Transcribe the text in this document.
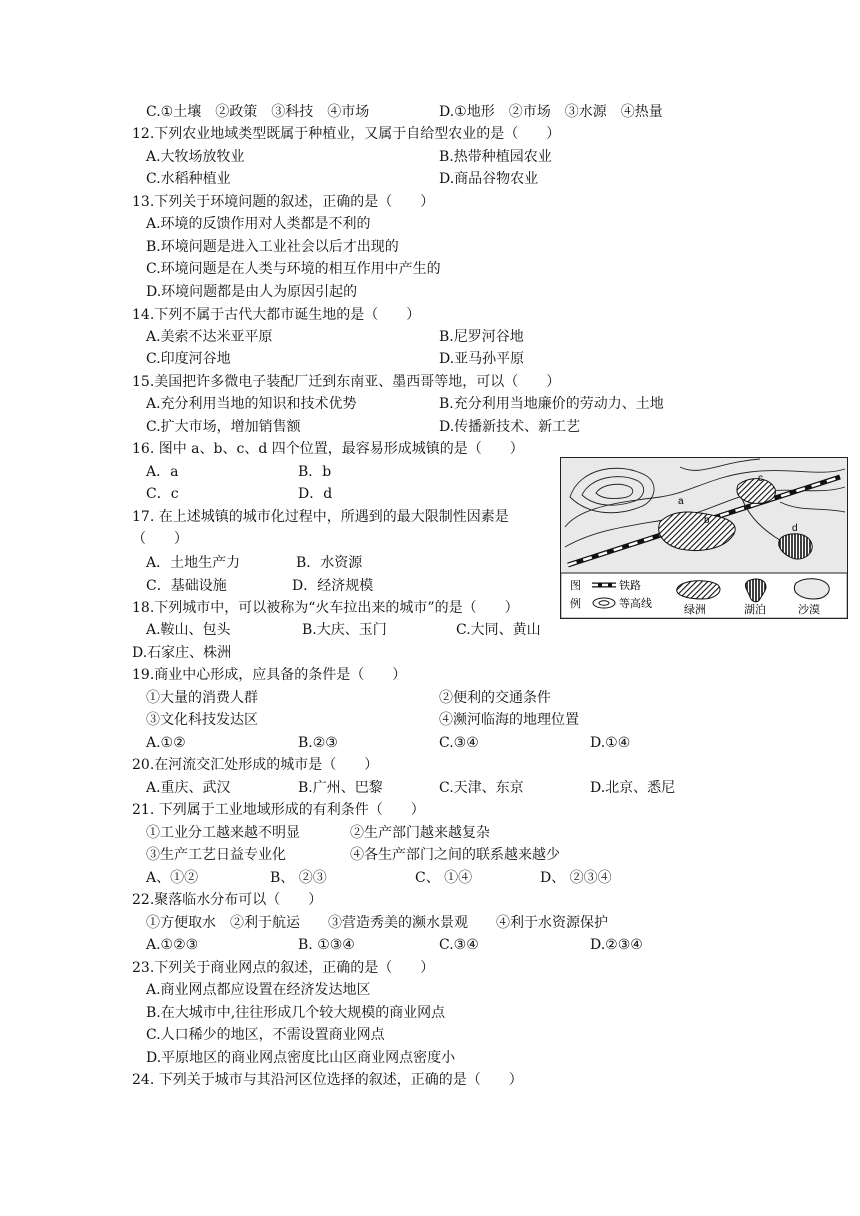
C.①土壤　②政策　③科技　④市场	D.①地形　②市场　③水源　④热量
12.下列农业地域类型既属于种植业，又属于自给型农业的是（　　）
A.大牧场放牧业	B.热带种植园农业
C.水稻种植业	D.商品谷物农业
13.下列关于环境问题的叙述，正确的是（　　）
A.环境的反馈作用对人类都是不利的
B.环境问题是进入工业社会以后才出现的
C.环境问题是在人类与环境的相互作用中产生的
D.环境问题都是由人为原因引起的
14.下列不属于古代大都市诞生地的是（　　）
A.美索不达米亚平原	B.尼罗河谷地
C.印度河谷地	D.亚马孙平原
15.美国把许多微电子装配厂迁到东南亚、墨西哥等地，可以（　　）
A.充分利用当地的知识和技术优势	B.充分利用当地廉价的劳动力、土地
C.扩大市场，增加销售额	D.传播新技术、新工艺
16. 图中 a、b、c、d 四个位置，最容易形成城镇的是（　　）
A．a	B．b
C．c	D．d
17. 在上述城镇的城市化过程中，所遇到的最大限制性因素是
（　　）
A．土地生产力	B．水资源
C．基础设施	D．经济规模
18.下列城市中，可以被称为“火车拉出来的城市”的是（　　）
A.鞍山、包头	B.大庆、玉门	C.大同、黄山
D.石家庄、株洲
19.商业中心形成，应具备的条件是（　　）
①大量的消费人群	②便利的交通条件
③文化科技发达区	④濒河临海的地理位置
A.①②	B.②③	C.③④	D.①④
20.在河流交汇处形成的城市是（　　）
A.重庆、武汉	B.广州、巴黎	C.天津、东京	D.北京、悉尼
21. 下列属于工业地域形成的有利条件（　　）
①工业分工越来越不明显	②生产部门越来越复杂
③生产工艺日益专业化	④各生产部门之间的联系越来越少
A、①②	B、 ②③	C、 ①④	D、 ②③④
22.聚落临水分布可以（　　）
①方便取水　②利于航运　　③营造秀美的濒水景观　　④利于水资源保护
A.①②③	B. ①③④	C.③④	D.②③④
23.下列关于商业网点的叙述，正确的是（　　）
A.商业网点都应设置在经济发达地区
B.在大城市中,往往形成几个较大规模的商业网点
C.人口稀少的地区，不需设置商业网点
D.平原地区的商业网点密度比山区商业网点密度小
24. 下列关于城市与其沿河区位选择的叙述，正确的是（　　）
a
b
c
d
图
例
铁路
等高线	绿洲	湖泊	沙漠
